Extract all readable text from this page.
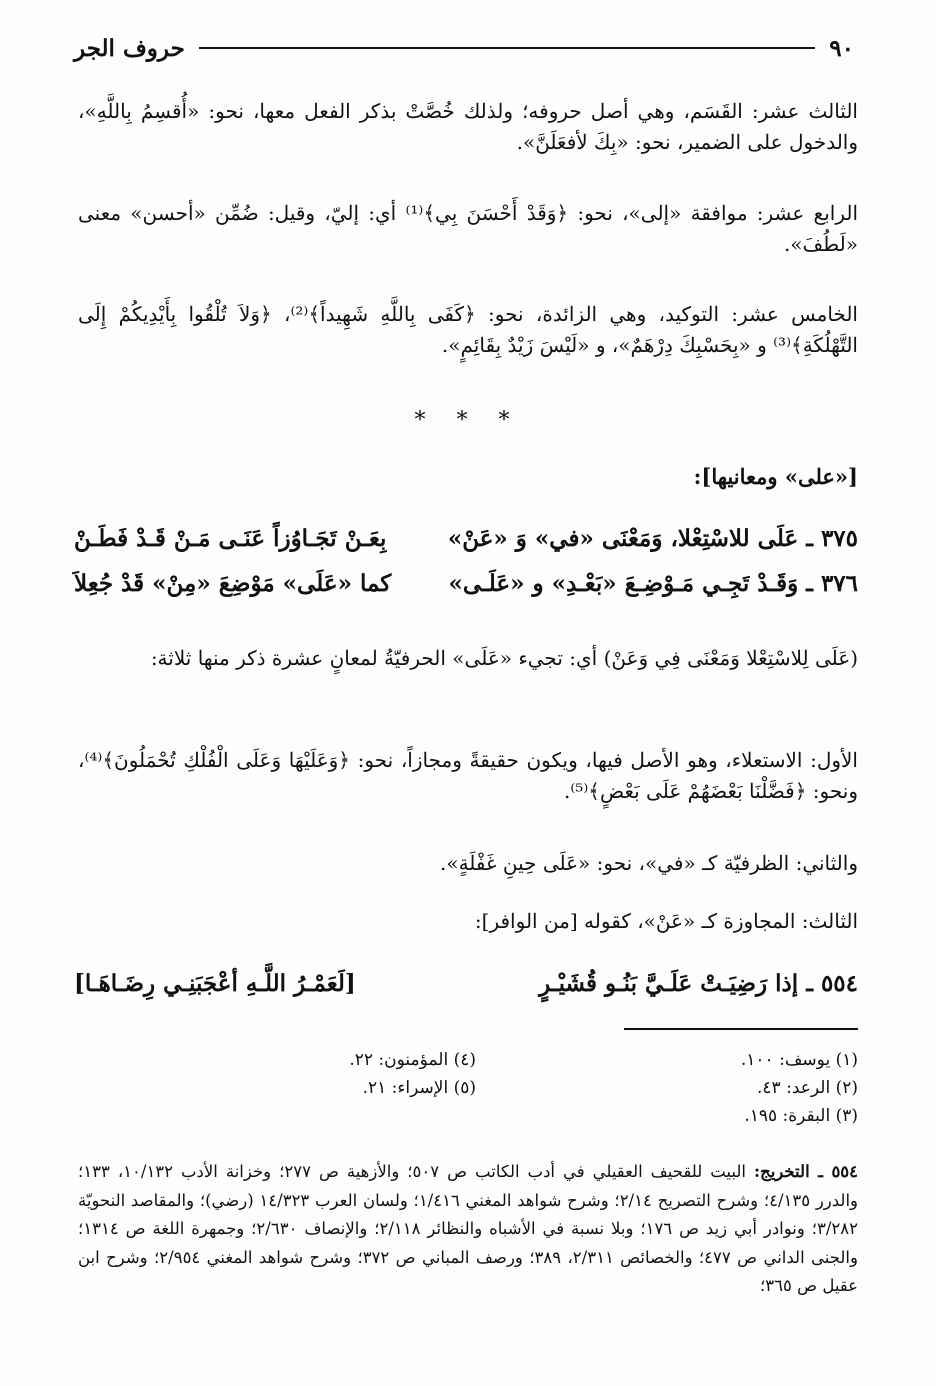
حروف الجر	٩٠
الثالث عشر: القَسَم، وهي أصل حروفه؛ ولذلك خُصَّتْ بذكر الفعل معها، نحو: «أُقسِمُ بِاللَّهِ»، والدخول على الضمير، نحو: «بِكَ لأفعَلَنَّ».
الرابع عشر: موافقة «إلى»، نحو: ﴿وَقَدْ أَحْسَنَ بِي﴾⁽¹⁾ أي: إليّ، وقيل: ضُمِّن «أحسن» معنى «لَطُفَ».
الخامس عشر: التوكيد، وهي الزائدة، نحو: ﴿كَفَى بِاللَّهِ شَهِيداً﴾⁽²⁾، ﴿وَلاَ تُلْقُوا بِأَيْدِيكُمْ إِلَى التَّهْلُكَةِ﴾⁽³⁾ و «بِحَسْبِكَ دِرْهَمٌ»، و «لَيْسَ زَيْدٌ بِقَائِمٍ».
* * *
[«على» ومعانيها]:
٣٧٥ ـ عَلَى للاسْتِعْلا، وَمَعْنَى «في» وَ «عَنْ»
بِعَـنْ تَجَـاوُزاً عَنَـى مَـنْ قَـدْ فَطَـنْ
٣٧٦ ـ وَقَـدْ تَجِـي مَـوْضِـعَ «بَعْـدِ» و «عَلَـى»
كما «عَلَى» مَوْضِعَ «مِنْ» قَدْ جُعِلاَ
(عَلَى لِلاسْتِعْلا وَمَعْنَى فِي وَعَنْ) أي: تجيء «عَلَى» الحرفيّةُ لمعانٍ عشرة ذكر منها ثلاثة:
الأول: الاستعلاء، وهو الأصل فيها، ويكون حقيقةً ومجازاً، نحو: ﴿وَعَلَيْهَا وَعَلَى الْفُلْكِ تُحْمَلُونَ﴾⁽⁴⁾، ونحو: ﴿فَضَّلْنَا بَعْضَهُمْ عَلَى بَعْضٍ﴾⁽⁵⁾.
والثاني: الظرفيّة كـ «في»، نحو: «عَلَى حِينِ غَفْلَةٍ».
الثالث: المجاوزة كـ «عَنْ»، كقوله [من الوافر]:
٥٥٤ ـ إذا رَضِيَـتْ عَلَـيَّ بَنُـو قُشَيْـرٍ
[لَعَمْـرُ اللَّـهِ أعْجَبَنِـي رِضَـاهَـا]
(١) يوسف: ١٠٠.
(٢) الرعد: ٤٣.
(٣) البقرة: ١٩٥.
(٤) المؤمنون: ٢٢.
(٥) الإسراء: ٢١.
٥٥٤ ـ التخريج: البيت للقحيف العقيلي في أدب الكاتب ص ٥٠٧؛ والأزهية ص ٢٧٧؛ وخزانة الأدب ١٠/١٣٢، ١٣٣؛ والدرر ٤/١٣٥؛ وشرح التصريح ٢/١٤؛ وشرح شواهد المغني ١/٤١٦؛ ولسان العرب ١٤/٣٢٣ (رضي)؛ والمقاصد النحويّة ٣/٢٨٢؛ ونوادر أبي زيد ص ١٧٦؛ وبلا نسبة في الأشباه والنظائر ٢/١١٨؛ والإنصاف ٢/٦٣٠؛ وجمهرة اللغة ص ١٣١٤؛ والجنى الداني ص ٤٧٧؛ والخصائص ٢/٣١١، ٣٨٩؛ ورصف المباني ص ٣٧٢؛ وشرح شواهد المغني ٢/٩٥٤؛ وشرح ابن عقيل ص ٣٦٥؛
